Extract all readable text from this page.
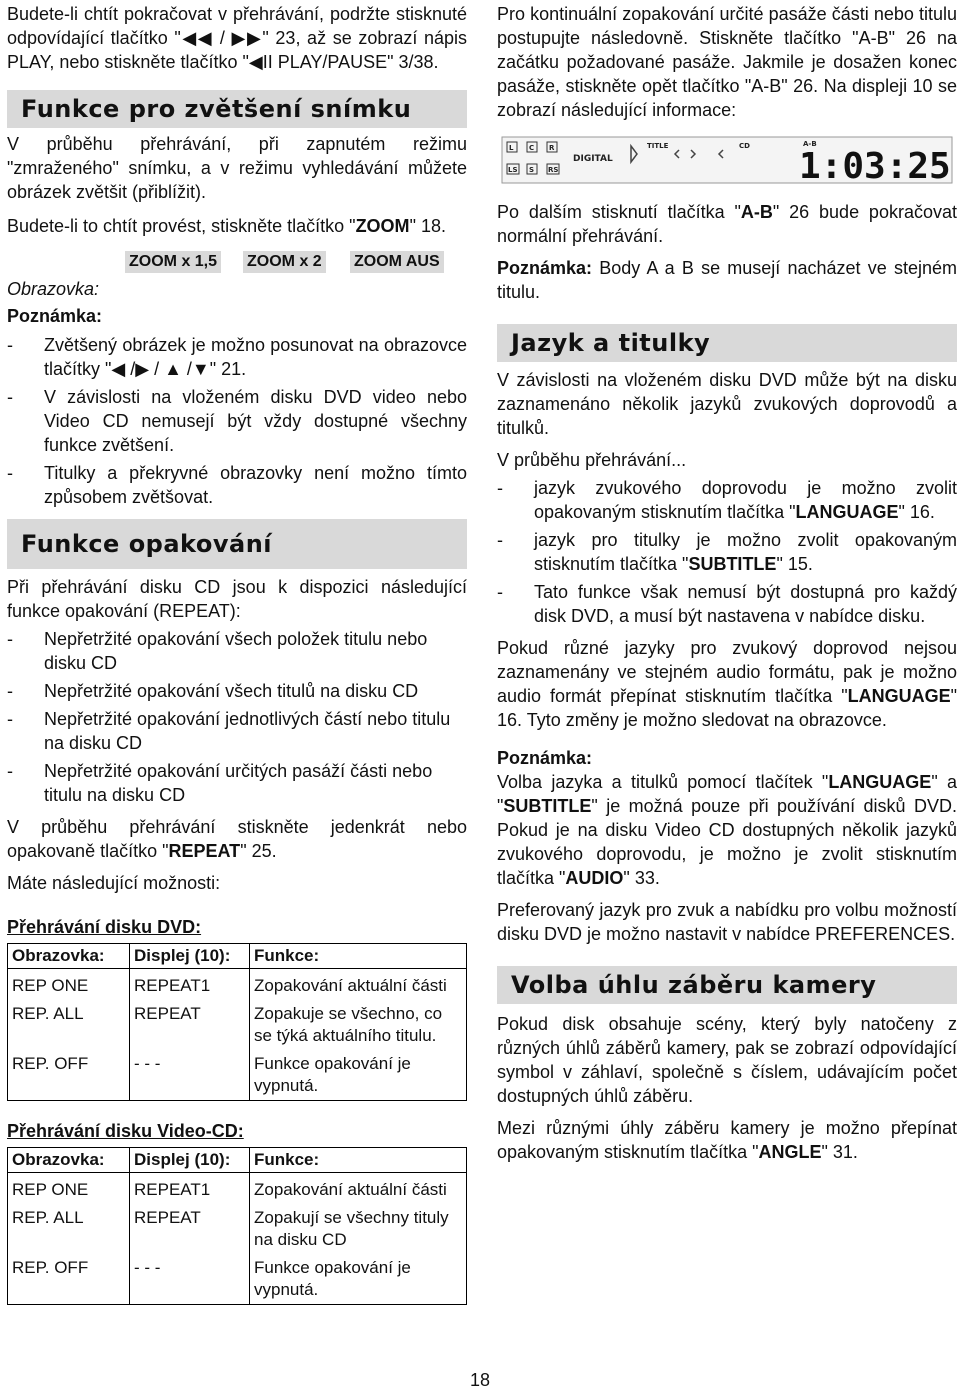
Budete-li chtít pokračovat v přehrávání, podržte stisknuté odpovídající tlačítko "◀◀ / ▶▶" 23, až se zobrazí nápis PLAY, nebo stiskněte tlačítko "◀II PLAY/PAUSE" 3/38.

Funkce pro zvětšení snímku

V průběhu přehrávání, při zapnutém režimu "zmraženého" snímku, a v režimu vyhledávání můžete obrázek zvětšit (přiblížit).

Budete-li to chtít provést, stiskněte tlačítko "ZOOM" 18.

Obrazovka:
ZOOM x 1,5 ZOOM x 2 ZOOM AUS

Poznámka:

- Zvětšený obrázek je možno posunovat na obrazovce tlačítky "◀ /▶ / ▲ /▼" 21.
- V závislosti na vloženém disku DVD video nebo Video CD nemusejí být vždy dostupné všechny funkce zvětšení.
- Titulky a překryvné obrazovky není možno tímto způsobem zvětšovat.
Funkce opakování

Při přehrávání disku CD jsou k dispozici následující funkce opakování (REPEAT):

- Nepřetržité opakování všech položek titulu nebo disku CD
- Nepřetržité opakování všech titulů na disku CD
- Nepřetržité opakování jednotlivých částí nebo titulu na disku CD
- Nepřetržité opakování určitých pasáží části nebo titulu na disku CD

V průběhu přehrávání stiskněte jedenkrát nebo opakovaně tlačítko "REPEAT" 25.

Máte následující možnosti:

Přehrávání disku DVD:

Obrazovka:	Displej (10):	Funkce:
REP ONE	REPEAT1	Zopakování aktuální části
REP. ALL	REPEAT	Zopakuje se všechno, co se týká aktuálního titulu.
REP. OFF	- - -	Funkce opakování je vypnutá.

Přehrávání disku Video-CD:

Obrazovka:	Displej (10):	Funkce:
REP ONE	REPEAT1	Zopakování aktuální části
REP. ALL	REPEAT	Zopakují se všechny tituly na disku CD
REP. OFF	- - -	Funkce opakování je vypnutá.

Pro kontinuální zopakování určité pasáže části nebo titulu postupujte následovně. Stiskněte tlačítko "A-B" 26 na začátku požadované pasáže. Jakmile je dosažen konec pasáže, stiskněte opět tlačítko "A-B" 26. Na displeji 10 se zobrazí následující informace:

L C R
LS S RS
DIGITAL
TITLE	CD	A-B
1:03:25

Po dalším stisknutí tlačítka "A-B" 26 bude pokračovat normální přehrávání.

Poznámka: Body A a B se musejí nacházet ve stejném titulu.

Jazyk a titulky

V závislosti na vloženém disku DVD může být na disku zaznamenáno několik jazyků zvukových doprovodů a titulků.

V průběhu přehrávání...

- jazyk zvukového doprovodu je možno zvolit opakovaným stisknutím tlačítka "LANGUAGE" 16.
- jazyk pro titulky je možno zvolit opakovaným stisknutím tlačítka "SUBTITLE" 15.
- Tato funkce však nemusí být dostupná pro každý disk DVD, a musí být nastavena v nabídce disku.

Pokud různé jazyky pro zvukový doprovod nejsou zaznamenány ve stejném audio formátu, pak je možno audio formát přepínat stisknutím tlačítka "LANGUAGE" 16. Tyto změny je možno sledovat na obrazovce.

Poznámka:

Volba jazyka a titulků pomocí tlačítek "LANGUAGE" a "SUBTITLE" je možná pouze při používání disků DVD. Pokud je na disku Video CD dostupných několik jazyků zvukového doprovodu, je možno je zvolit stisknutím tlačítka "AUDIO" 33.

Preferovaný jazyk pro zvuk a nabídku pro volbu možností disku DVD je možno nastavit v nabídce PREFERENCES.

Volba úhlu záběru kamery

Pokud disk obsahuje scény, který byly natočeny z různých úhlů záběrů kamery, pak se zobrazí odpovídající symbol v záhlaví, společně s číslem, udávajícím počet dostupných úhlů záběru.

Mezi různými úhly záběru kamery je možno přepínat opakovaným stisknutím tlačítka "ANGLE" 31.

18
